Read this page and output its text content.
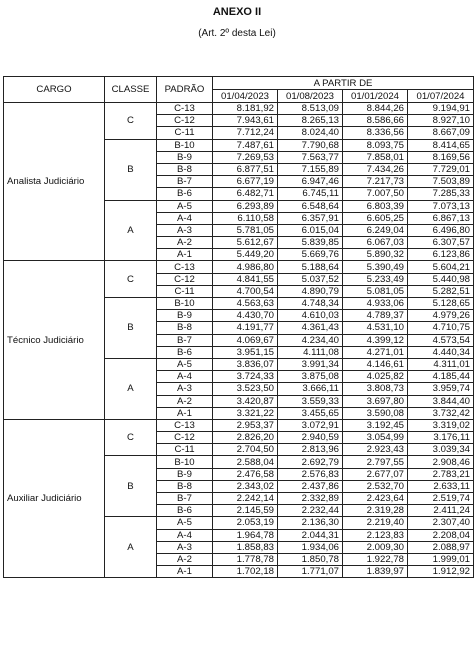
ANEXO II
(Art. 2º desta Lei)
CARGO	CLASSE	PADRÃO	A PARTIR DE			
			01/04/2023	01/08/2023	01/01/2024	01/07/2024
Analista Judiciário	C	C-13	8.181,92	8.513,09	8.844,26	9.194,91
		C-12	7.943,61	8.265,13	8.586,66	8.927,10
		C-11	7.712,24	8.024,40	8.336,56	8.667,09
	B	B-10	7.487,61	7.790,68	8.093,75	8.414,65
		B-9	7.269,53	7.563,77	7.858,01	8.169,56
		B-8	6.877,51	7.155,89	7.434,26	7.729,01
		B-7	6.677,19	6.947,46	7.217,73	7.503,89
		B-6	6.482,71	6.745,11	7.007,50	7.285,33
	A	A-5	6.293,89	6.548,64	6.803,39	7.073,13
		A-4	6.110,58	6.357,91	6.605,25	6.867,13
		A-3	5.781,05	6.015,04	6.249,04	6.496,80
		A-2	5.612,67	5.839,85	6.067,03	6.307,57
		A-1	5.449,20	5.669,76	5.890,32	6.123,86
Técnico Judiciário	C	C-13	4.986,80	5.188,64	5.390,49	5.604,21
		C-12	4.841,55	5.037,52	5.233,49	5.440,98
		C-11	4.700,54	4.890,79	5.081,05	5.282,51
	B	B-10	4.563,63	4.748,34	4.933,06	5.128,65
		B-9	4.430,70	4.610,03	4.789,37	4.979,26
		B-8	4.191,77	4.361,43	4.531,10	4.710,75
		B-7	4.069,67	4.234,40	4.399,12	4.573,54
		B-6	3.951,15	4.111,08	4.271,01	4.440,34
	A	A-5	3.836,07	3.991,34	4.146,61	4.311,01
		A-4	3.724,33	3.875,08	4.025,82	4.185,44
		A-3	3.523,50	3.666,11	3.808,73	3.959,74
		A-2	3.420,87	3.559,33	3.697,80	3.844,40
		A-1	3.321,22	3.455,65	3.590,08	3.732,42
Auxiliar Judiciário	C	C-13	2.953,37	3.072,91	3.192,45	3.319,02
		C-12	2.826,20	2.940,59	3.054,99	3.176,11
		C-11	2.704,50	2.813,96	2.923,43	3.039,34
	B	B-10	2.588,04	2.692,79	2.797,55	2.908,46
		B-9	2.476,58	2.576,83	2.677,07	2.783,21
		B-8	2.343,02	2.437,86	2.532,70	2.633,11
		B-7	2.242,14	2.332,89	2.423,64	2.519,74
		B-6	2.145,59	2.232,44	2.319,28	2.411,24
	A	A-5	2.053,19	2.136,30	2.219,40	2.307,40
		A-4	1.964,78	2.044,31	2.123,83	2.208,04
		A-3	1.858,83	1.934,06	2.009,30	2.088,97
		A-2	1.778,78	1.850,78	1.922,78	1.999,01
		A-1	1.702,18	1.771,07	1.839,97	1.912,92
